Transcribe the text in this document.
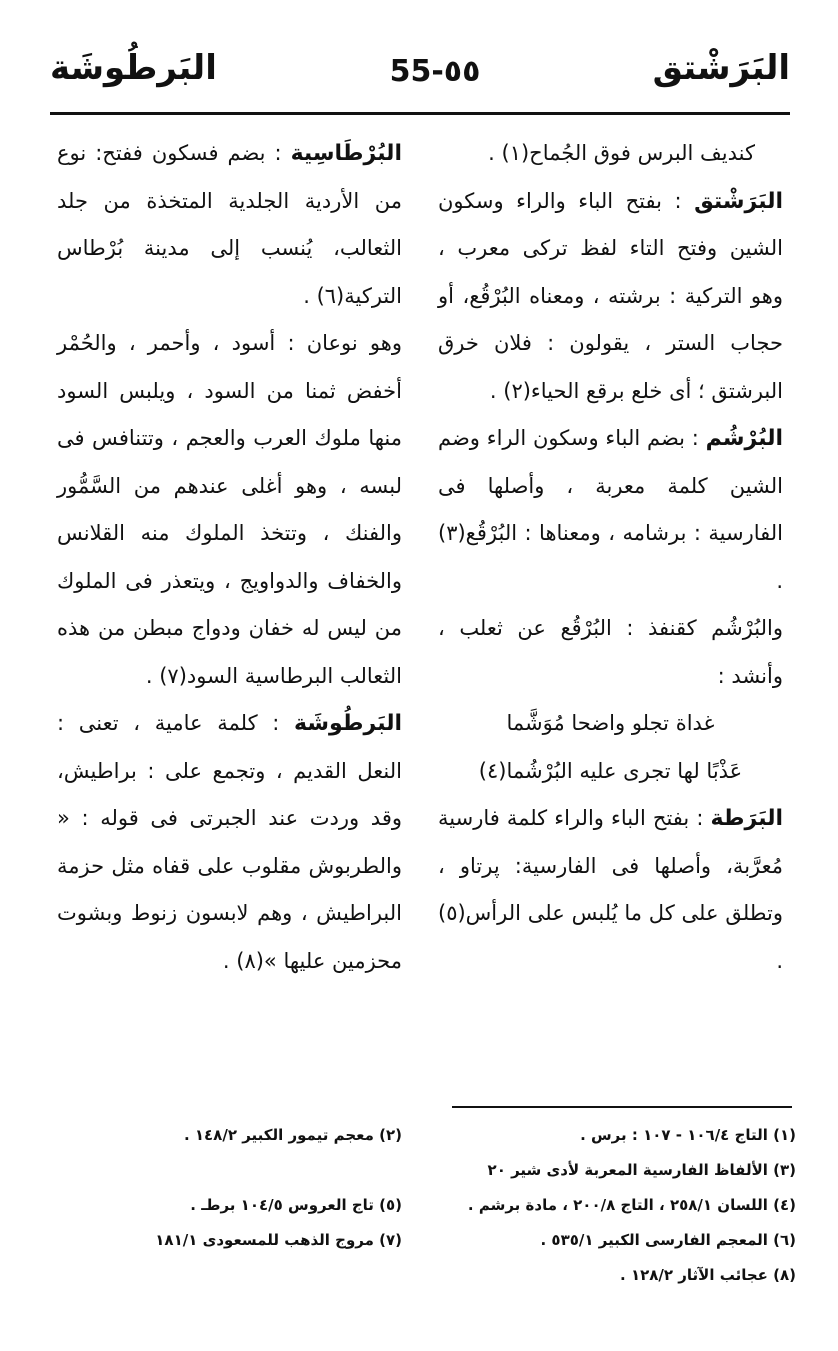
البَرَشْتق
55-٥٥
البَرطُوشَة

كنديف البرس فوق الجُماح(١) .

البَرَشْتق : بفتح الباء والراء وسكون الشين وفتح التاء لفظ تركى معرب ، وهو التركية : برشته ، ومعناه البُرْقُع، أو حجاب الستر ، يقولون : فلان خرق البرشتق ؛ أى خلع برقع الحياء(٢) .

البُرْشُم : بضم الباء وسكون الراء وضم الشين كلمة معربة ، وأصلها فى الفارسية : برشامه ، ومعناها : البُرْقُع(٣) .

والبُرْشُم كقنفذ : البُرْقُع عن ثعلب ، وأنشد :

غداة تجلو واضحا مُوَشَّما

عَذْبًا لها تجرى عليه البُرْشُما(٤)

البَرَطة : بفتح الباء والراء كلمة فارسية مُعرَّبة، وأصلها فى الفارسية: پرتاو ، وتطلق على كل ما يُلبس على الرأس(٥) .

البُرْطَاسِية : بضم فسكون ففتح: نوع من الأردية الجلدية المتخذة من جلد الثعالب، يُنسب إلى مدينة بُرْطاس التركية(٦) .

وهو نوعان : أسود ، وأحمر ، والحُمْر أخفض ثمنا من السود ، ويلبس السود منها ملوك العرب والعجم ، وتتنافس فى لبسه ، وهو أغلى عندهم من السَّمُّور والفنك ، وتتخذ الملوك منه القلانس والخفاف والدواويج ، ويتعذر فى الملوك من ليس له خفان ودواج مبطن من هذه الثعالب البرطاسية السود(٧) .

البَرطُوشَة : كلمة عامية ، تعنى : النعل القديم ، وتجمع على : براطيش، وقد وردت عند الجبرتى فى قوله : « والطربوش مقلوب على قفاه مثل حزمة البراطيش ، وهم لابسون زنوط وبشوت محزمين عليها »(٨) .

(١) التاج ١٠٦/٤ - ١٠٧ : برس .
(٣) الألفاظ الفارسية المعربة لأدى شير ٢٠
(٤) اللسان ٢٥٨/١ ، التاج ٢٠٠/٨ ، مادة برشم .
(٦) المعجم الفارسى الكبير ٥٣٥/١ .
(٨) عجائب الآثار ١٢٨/٢ .
(٢) معجم تيمور الكبير ١٤٨/٢ .
(٥) تاج العروس ١٠٤/٥ برطـ .
(٧) مروج الذهب للمسعودى ١٨١/١
